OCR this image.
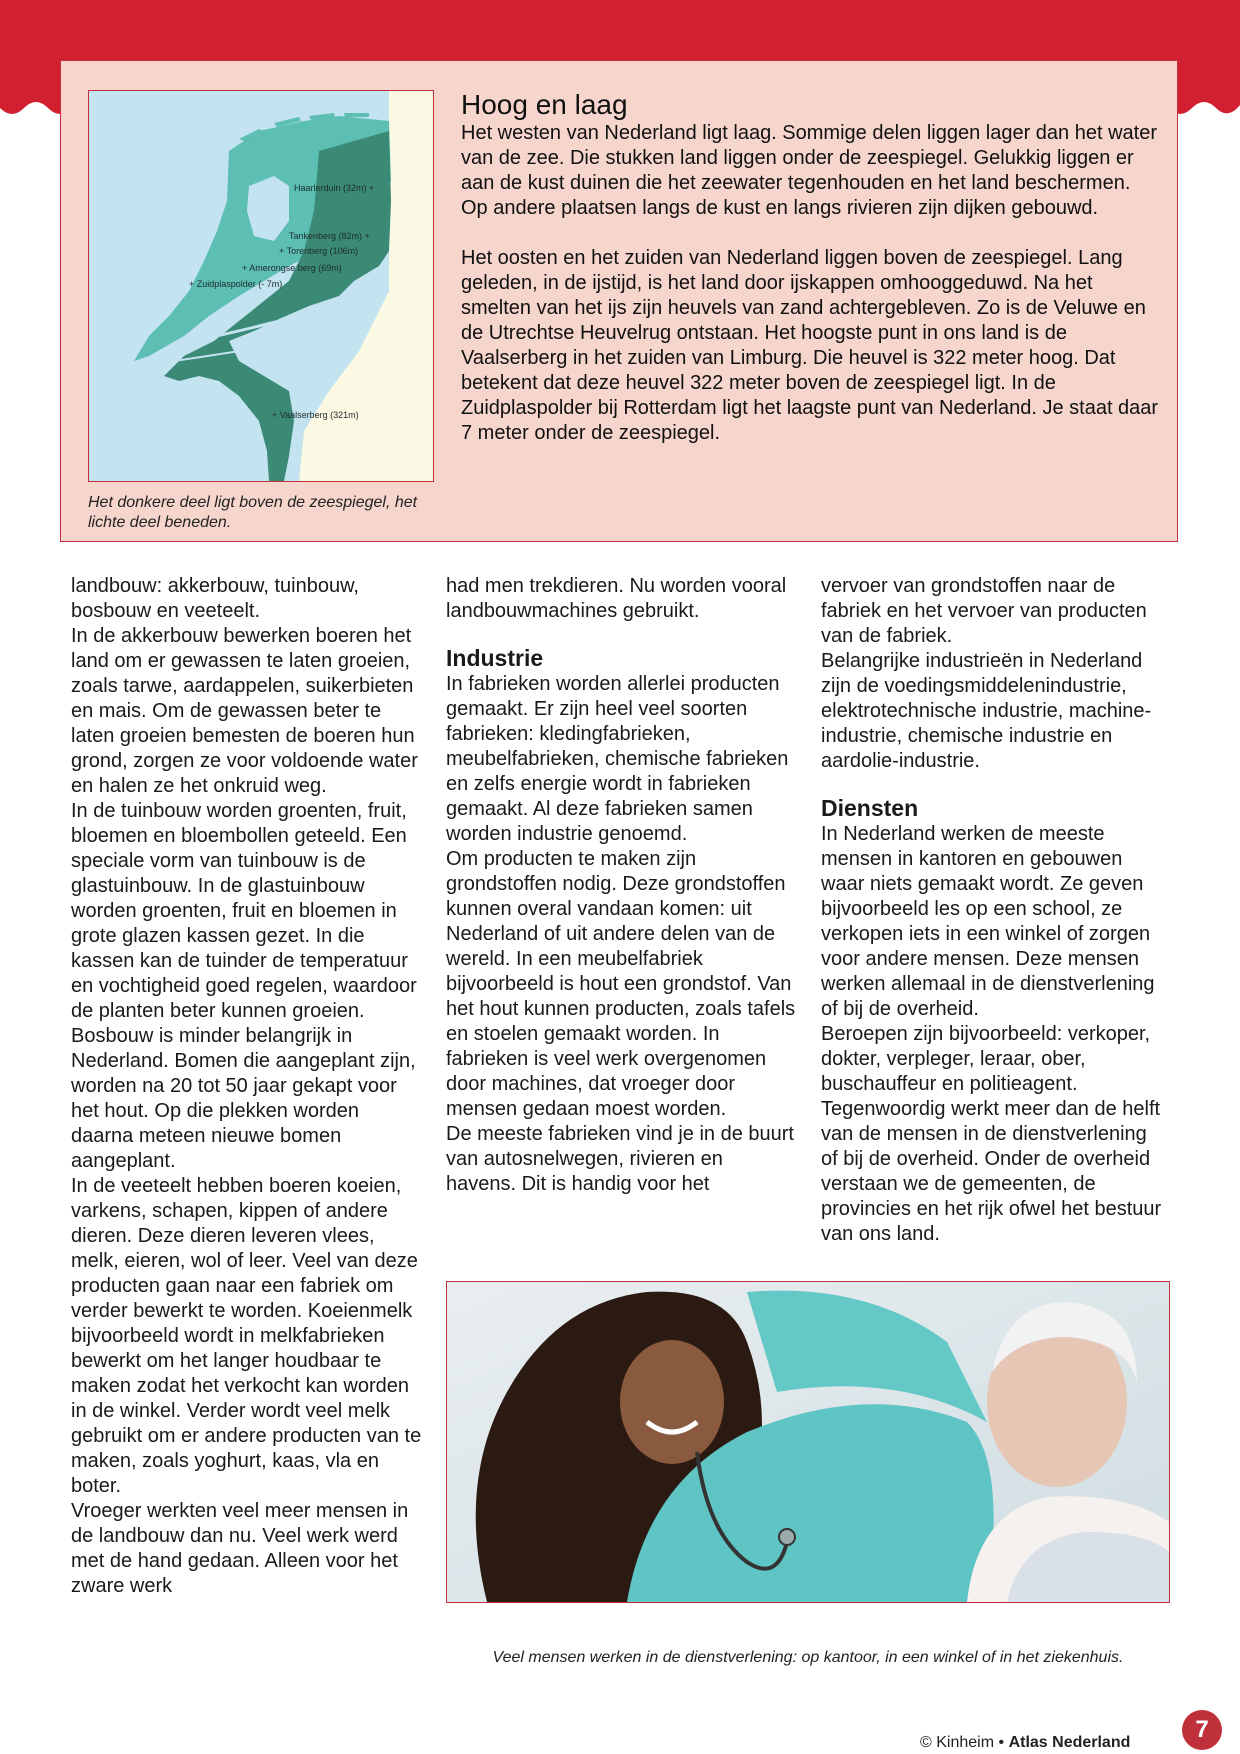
Haarlerduin (32m) +
Tankenberg (82m) +
+ Torenberg (106m)
+ Amerongse berg (69m)
+ Zuidplaspolder (- 7m)
+ Vaalserberg (321m)
Het donkere deel ligt boven de zeespiegel, het lichte deel beneden.
Hoog en laag

Het westen van Nederland ligt laag. Sommige delen liggen lager dan het water van de zee. Die stukken land liggen onder de zeespiegel. Gelukkig liggen er aan de kust duinen die het zeewater tegenhouden en het land beschermen. Op andere plaatsen langs de kust en langs rivieren zijn dijken gebouwd.

Het oosten en het zuiden van Nederland liggen boven de zeespiegel. Lang geleden, in de ijstijd, is het land door ijskappen omhooggeduwd. Na het smelten van het ijs zijn heuvels van zand achtergebleven. Zo is de Veluwe en de Utrechtse Heuvelrug ontstaan. Het hoogste punt in ons land is de Vaalserberg in het zuiden van Limburg. Die heuvel is 322 meter hoog. Dat betekent dat deze heuvel 322 meter boven de zeespiegel ligt. In de Zuidplaspolder bij Rotterdam ligt het laagste punt van Nederland. Je staat daar 7 meter onder de zeespiegel.

landbouw: akkerbouw, tuinbouw, bosbouw en veeteelt.

In de akkerbouw bewerken boeren het land om er gewassen te laten groeien, zoals tarwe, aardappelen, suikerbieten en mais. Om de gewassen beter te laten groeien bemesten de boeren hun grond, zorgen ze voor voldoende water en halen ze het onkruid weg.

In de tuinbouw worden groenten, fruit, bloemen en bloembollen geteeld. Een speciale vorm van tuinbouw is de glastuinbouw. In de glastuinbouw worden groenten, fruit en bloemen in grote glazen kassen gezet. In die kassen kan de tuinder de temperatuur en vochtigheid goed regelen, waardoor de planten beter kunnen groeien.

Bosbouw is minder belangrijk in Nederland. Bomen die aangeplant zijn, worden na 20 tot 50 jaar gekapt voor het hout. Op die plekken worden daarna meteen nieuwe bomen aangeplant.

In de veeteelt hebben boeren koeien, varkens, schapen, kippen of andere dieren. Deze dieren leveren vlees, melk, eieren, wol of leer. Veel van deze producten gaan naar een fabriek om verder bewerkt te worden. Koeienmelk bijvoorbeeld wordt in melkfabrieken bewerkt om het langer houdbaar te maken zodat het verkocht kan worden in de winkel. Verder wordt veel melk gebruikt om er andere producten van te maken, zoals yoghurt, kaas, vla en boter.

Vroeger werkten veel meer mensen in de landbouw dan nu. Veel werk werd met de hand gedaan. Alleen voor het zware werk

had men trekdieren. Nu worden vooral landbouwmachines gebruikt.

Industrie

In fabrieken worden allerlei producten gemaakt. Er zijn heel veel soorten fabrieken: kledingfabrieken, meubelfabrieken, chemische fabrieken en zelfs energie wordt in fabrieken gemaakt. Al deze fabrieken samen worden industrie genoemd.

Om producten te maken zijn grondstoffen nodig. Deze grondstoffen kunnen overal vandaan komen: uit Nederland of uit andere delen van de wereld. In een meubelfabriek bijvoorbeeld is hout een grondstof. Van het hout kunnen producten, zoals tafels en stoelen gemaakt worden. In fabrieken is veel werk overgenomen door machines, dat vroeger door mensen gedaan moest worden.

De meeste fabrieken vind je in de buurt van autosnelwegen, rivieren en havens. Dit is handig voor het

vervoer van grondstoffen naar de fabriek en het vervoer van producten van de fabriek.

Belangrijke industrieën in Nederland zijn de voedingsmiddelenindustrie, elektrotechnische industrie, machine-industrie, chemische industrie en aardolie-industrie.

Diensten

In Nederland werken de meeste mensen in kantoren en gebouwen waar niets gemaakt wordt. Ze geven bijvoorbeeld les op een school, ze verkopen iets in een winkel of zorgen voor andere mensen. Deze mensen werken allemaal in de dienstverlening of bij de overheid.

Beroepen zijn bijvoorbeeld: verkoper, dokter, verpleger, leraar, ober, buschauffeur en politieagent.

Tegenwoordig werkt meer dan de helft van de mensen in de dienstverlening of bij de overheid. Onder de overheid verstaan we de gemeenten, de provincies en het rijk ofwel het bestuur van ons land.

Veel mensen werken in de dienstverlening: op kantoor, in een winkel of in het ziekenhuis.
© Kinheim • Atlas Nederland	7
